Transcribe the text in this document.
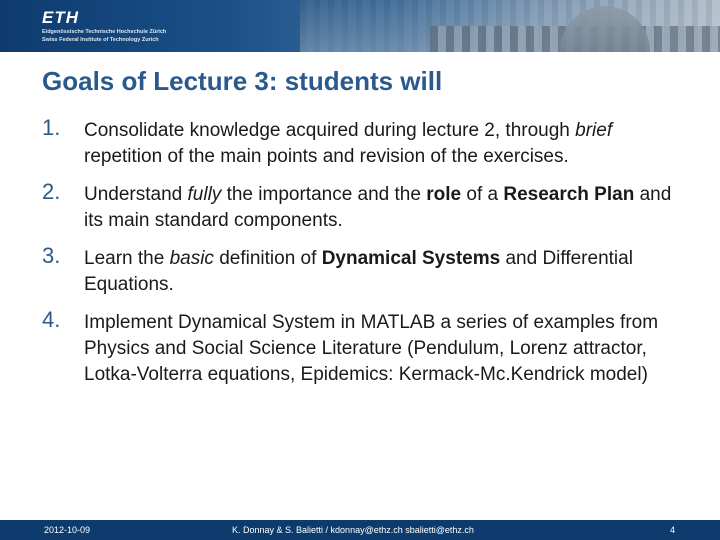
ETH
Eidgenössische Technische Hochschule Zürich
Swiss Federal Institute of Technology Zurich
Goals of Lecture 3: students will
1. Consolidate knowledge acquired during lecture 2, through brief repetition of the main points and revision of the exercises.
2. Understand fully the importance and the role of a Research Plan and its main standard components.
3. Learn the basic definition of Dynamical Systems and Differential Equations.
4. Implement Dynamical System in MATLAB a series of examples from Physics and Social Science Literature (Pendulum, Lorenz attractor, Lotka-Volterra equations, Epidemics: Kermack-Mc.Kendrick model)
2012-10-09	K. Donnay & S. Balietti / kdonnay@ethz.ch sbalietti@ethz.ch	4
